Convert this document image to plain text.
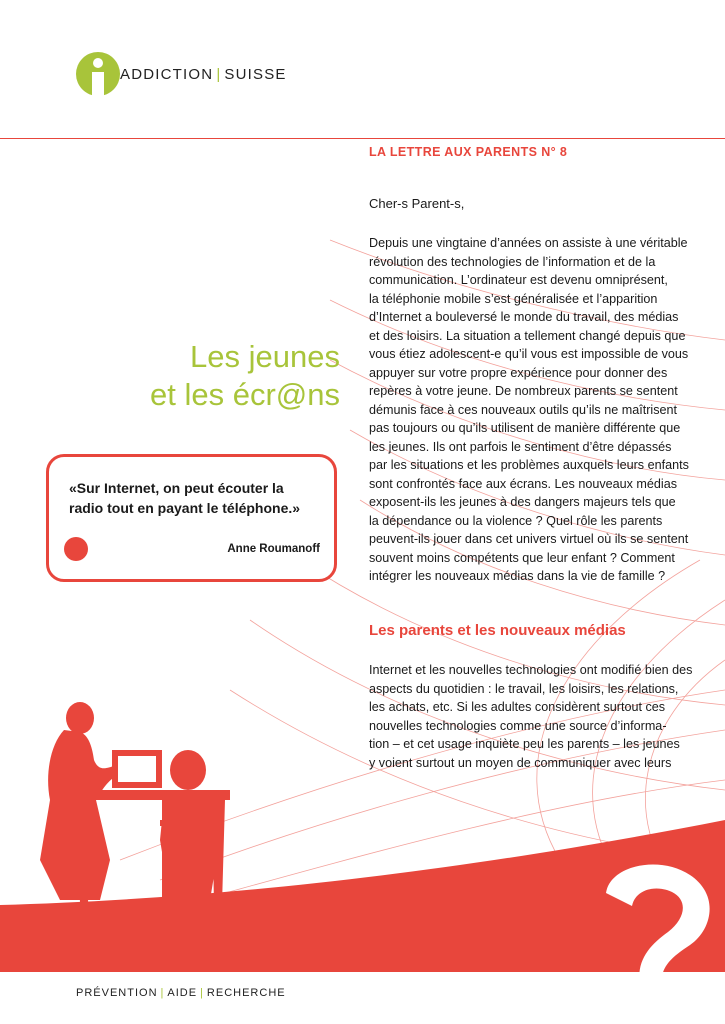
ADDICTION | SUISSE
LA LETTRE AUX PARENTS N° 8
Les jeunes
et les écr@ns
Cher-s Parent-s,

Depuis une vingtaine d’années on assiste à une véritable
révolution des technologies de l’information et de la
communication. L’ordinateur est devenu omniprésent,
la téléphonie mobile s’est généralisée et l’apparition
d’Internet a bouleversé le monde du travail, des médias
et des loisirs. La situation a tellement changé depuis que
vous étiez adolescent-e qu’il vous est impossible de vous
appuyer sur votre propre expérience pour donner des
repères à votre jeune. De nombreux parents se sentent
démunis face à ces nouveaux outils qu’ils ne maîtrisent
pas toujours ou qu’ils utilisent de manière différente que
les jeunes. Ils ont parfois le sentiment d’être dépassés
par les situations et les problèmes auxquels leurs enfants
sont confrontés face aux écrans. Les nouveaux médias
exposent-ils les jeunes à des dangers majeurs tels que
la dépendance ou la violence ? Quel rôle les parents
peuvent-ils jouer dans cet univers virtuel où ils se sentent
souvent moins compétents que leur enfant ? Comment
intégrer les nouveaux médias dans la vie de famille ?

Les parents et les nouveaux médias

Internet et les nouvelles technologies ont modifié bien des
aspects du quotidien : le travail, les loisirs, les relations,
les achats, etc. Si les adultes considèrent surtout ces
nouvelles technologies comme une source d’informa-
tion – et cet usage inquiète peu les parents – les jeunes
y voient surtout un moyen de communiquer avec leurs

«Sur Internet, on peut écouter la
radio tout en payant le téléphone.»
Anne Roumanoff
PRÉVENTION | AIDE | RECHERCHE
